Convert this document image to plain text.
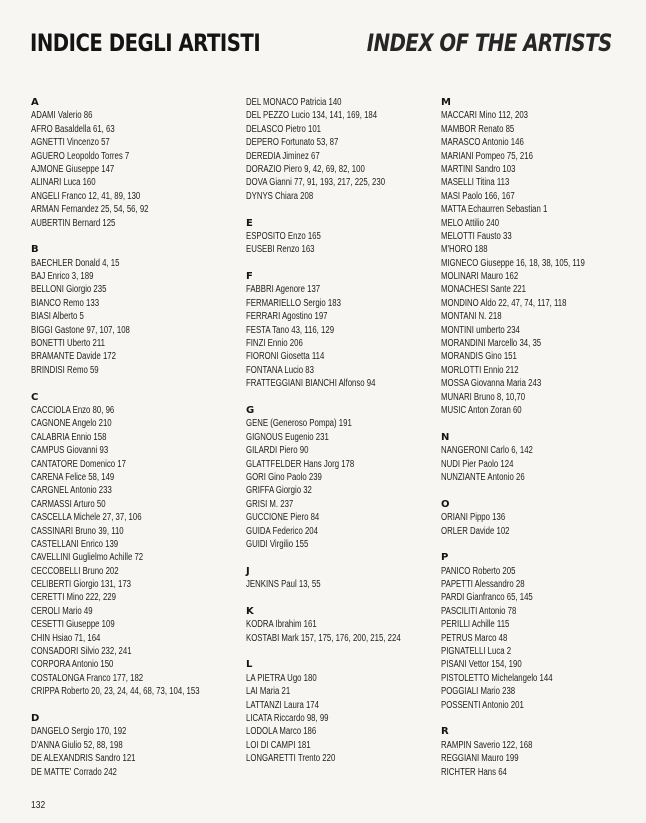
INDICE DEGLI ARTISTI	INDEX OF THE ARTISTS
A
ADAMI Valerio 86
AFRO Basaldella 61, 63
AGNETTI Vincenzo 57
AGUERO Leopoldo Torres 7
AJMONE Giuseppe 147
ALINARI Luca 160
ANGELI Franco 12, 41, 89, 130
ARMAN Fernandez 25, 54, 56, 92
AUBERTIN Bernard 125
B
BAECHLER Donald 4, 15
BAJ Enrico 3, 189
BELLONI Giorgio 235
BIANCO Remo 133
BIASI Alberto 5
BIGGI Gastone 97, 107, 108
BONETTI Uberto 211
BRAMANTE Davide 172
BRINDISI Remo 59
C
CACCIOLA Enzo 80, 96
CAGNONE Angelo 210
CALABRIA Ennio 158
CAMPUS Giovanni 93
CANTATORE Domenico 17
CARENA Felice 58, 149
CARGNEL Antonio 233
CARMASSI Arturo 50
CASCELLA Michele 27, 37, 106
CASSINARI Bruno 39, 110
CASTELLANI Enrico 139
CAVELLINI Guglielmo Achille 72
CECCOBELLI Bruno 202
CELIBERTI Giorgio 131, 173
CERETTI Mino 222, 229
CEROLI Mario 49
CESETTI Giuseppe 109
CHIN Hsiao 71, 164
CONSADORI Silvio 232, 241
CORPORA Antonio 150
COSTALONGA Franco 177, 182
CRIPPA Roberto 20, 23, 24, 44, 68, 73, 104, 153
D
DANGELO Sergio 170, 192
D'ANNA Giulio 52, 88, 198
DE ALEXANDRIS Sandro 121
DE MATTE' Corrado 242
DEL MONACO Patricia 140
DEL PEZZO Lucio 134, 141, 169, 184
DELASCO Pietro 101
DEPERO Fortunato 53, 87
DEREDIA Jiminez 67
DORAZIO Piero 9, 42, 69, 82, 100
DOVA Gianni 77, 91, 193, 217, 225, 230
DYNYS Chiara 208
E
ESPOSITO Enzo 165
EUSEBI Renzo 163
F
FABBRI Agenore 137
FERMARIELLO Sergio 183
FERRARI Agostino 197
FESTA Tano 43, 116, 129
FINZI Ennio 206
FIORONI Giosetta 114
FONTANA Lucio 83
FRATTEGGIANI BIANCHI Alfonso 94
G
GENE (Generoso Pompa) 191
GIGNOUS Eugenio 231
GILARDI Piero 90
GLATTFELDER Hans Jorg 178
GORI Gino Paolo 239
GRIFFA Giorgio 32
GRISI M. 237
GUCCIONE Piero 84
GUIDA Federico 204
GUIDI Virgilio 155
J
JENKINS Paul 13, 55
K
KODRA Ibrahim 161
KOSTABI Mark 157, 175, 176, 200, 215, 224
L
LA PIETRA Ugo 180
LAI Maria 21
LATTANZI Laura 174
LICATA Riccardo 98, 99
LODOLA Marco 186
LOI DI CAMPI 181
LONGARETTI Trento 220
M
MACCARI Mino 112, 203
MAMBOR Renato 85
MARASCO Antonio 146
MARIANI Pompeo 75, 216
MARTINI Sandro 103
MASELLI Titina 113
MASI Paolo 166, 167
MATTA Echaurren Sebastian 1
MELO Attilio 240
MELOTTI Fausto 33
M'HORO 188
MIGNECO Giuseppe 16, 18, 38, 105, 119
MOLINARI Mauro 162
MONACHESI Sante 221
MONDINO Aldo 22, 47, 74, 117, 118
MONTANI N. 218
MONTINI umberto 234
MORANDINI Marcello 34, 35
MORANDIS Gino 151
MORLOTTI Ennio 212
MOSSA Giovanna Maria 243
MUNARI Bruno 8, 10,70
MUSIC Anton Zoran 60
N
NANGERONI Carlo 6, 142
NUDI Pier Paolo 124
NUNZIANTE Antonio 26
O
ORIANI Pippo 136
ORLER Davide 102
P
PANICO Roberto 205
PAPETTI Alessandro 28
PARDI Gianfranco 65, 145
PASCILITI Antonio 78
PERILLI Achille 115
PETRUS Marco 48
PIGNATELLI Luca 2
PISANI Vettor 154, 190
PISTOLETTO Michelangelo 144
POGGIALI Mario 238
POSSENTI Antonio 201
R
RAMPIN Saverio 122, 168
REGGIANI Mauro 199
RICHTER Hans 64
132
